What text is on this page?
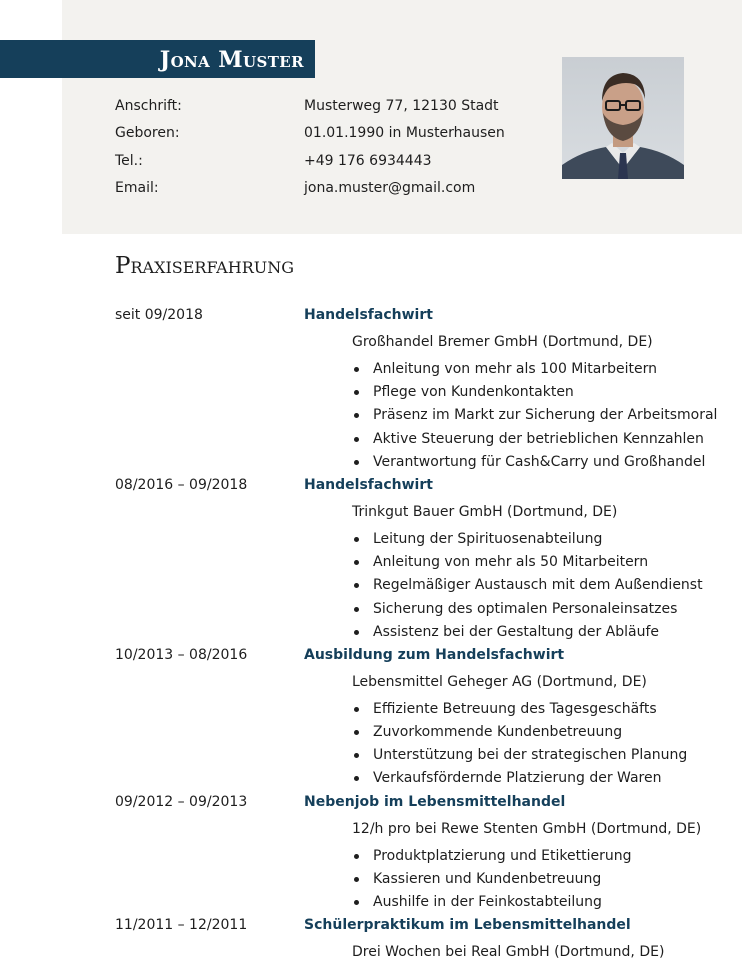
Jona Muster
Anschrift:	Musterweg 77, 12130 Stadt
Geboren:	01.01.1990 in Musterhausen
Tel.:	+49 176 6934443
Email:	jona.muster@gmail.com
Praxiserfahrung
seit 09/2018	Handelsfachwirt
Großhandel Bremer GmbH (Dortmund, DE)
Anleitung von mehr als 100 Mitarbeitern
Pflege von Kundenkontakten
Präsenz im Markt zur Sicherung der Arbeitsmoral
Aktive Steuerung der betrieblichen Kennzahlen
Verantwortung für Cash&Carry und Großhandel
08/2016 – 09/2018	Handelsfachwirt
Trinkgut Bauer GmbH (Dortmund, DE)
Leitung der Spirituosenabteilung
Anleitung von mehr als 50 Mitarbeitern
Regelmäßiger Austausch mit dem Außendienst
Sicherung des optimalen Personaleinsatzes
Assistenz bei der Gestaltung der Abläufe
10/2013 – 08/2016	Ausbildung zum Handelsfachwirt
Lebensmittel Geheger AG (Dortmund, DE)
Effiziente Betreuung des Tagesgeschäfts
Zuvorkommende Kundenbetreuung
Unterstützung bei der strategischen Planung
Verkaufsfördernde Platzierung der Waren
09/2012 – 09/2013	Nebenjob im Lebensmittelhandel
12/h pro bei Rewe Stenten GmbH (Dortmund, DE)
Produktplatzierung und Etikettierung
Kassieren und Kundenbetreuung
Aushilfe in der Feinkostabteilung
11/2011 – 12/2011	Schülerpraktikum im Lebensmittelhandel
Drei Wochen bei Real GmbH (Dortmund, DE)
